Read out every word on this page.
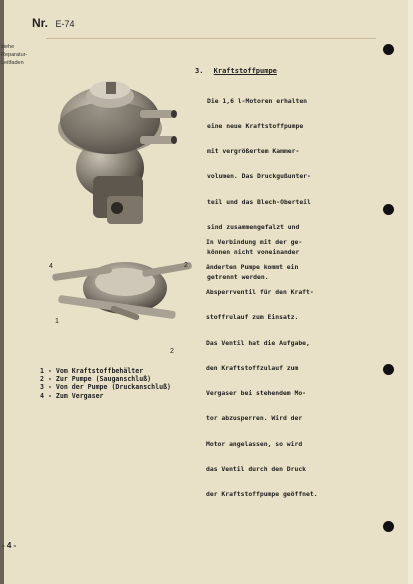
Nr. E-74
siehe
Reparatur-
Leitfaden
4	2
1
2
3. Kraftstoffpumpe

Die 1,6 l-Motoren erhalten

eine neue Kraftstoffpumpe

mit vergrößertem Kammer-

volumen. Das Druckgußunter-

teil und das Blech-Oberteil

sind zusammengefalzt und

können nicht voneinander

getrennt werden.

In Verbindung mit der ge-

änderten Pumpe kommt ein

Absperrventil für den Kraft-

stoffrulauf zum Einsatz.

Das Ventil hat die Aufgabe,

den Kraftstoffzulauf zum

Vergaser bei stehendem Mo-

tor abzusperren. Wird der

Motor angelassen, so wird

das Ventil durch den Druck

der Kraftstoffpumpe geöffnet.

1 - Vom Kraftstoffbehälter
2 - Zur Pumpe (Sauganschluß)
3 - Von der Pumpe (Druckanschluß)
4 - Zum Vergaser
- 4 -
